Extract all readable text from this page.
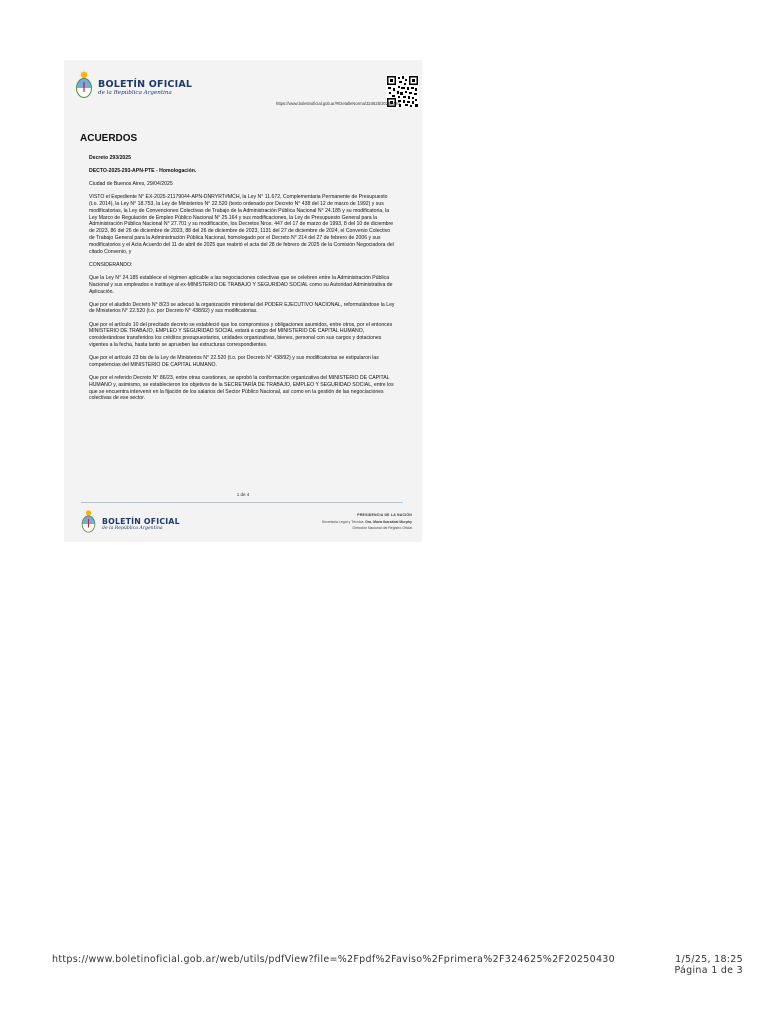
BOLETÍN OFICIAL
de la República Argentina
https://www.boletinoficial.gob.ar/#!DetalleNorma/324625/20250430
ACUERDOS

Decreto 293/2025

DECTO-2025-293-APN-PTE - Homologación.

Ciudad de Buenos Aires, 29/04/2025

VISTO el Expediente N° EX-2025-21179044-APN-DNRYRT#MCH, la Ley N° 11.672, Complementaria Permanente de Presupuesto (t.o. 2014), la Ley N° 18.753, la Ley de Ministerios N° 22.520 (texto ordenado por Decreto N° 438 del 12 de marzo de 1992) y sus modificatorias, la Ley de Convenciones Colectivas de Trabajo de la Administración Pública Nacional N° 24.185 y su modificatoria, la Ley Marco de Regulación de Empleo Público Nacional N° 25.164 y sus modificaciones, la Ley de Presupuesto General para la Administración Pública Nacional N° 27.701 y su modificación, los Decretos Nros. 447 del 17 de marzo de 1993, 8 del 10 de diciembre de 2023, 86 del 26 de diciembre de 2023, 88 del 26 de diciembre de 2023, 1131 del 27 de diciembre de 2024, el Convenio Colectivo de Trabajo General para la Administración Pública Nacional, homologado por el Decreto N° 214 del 27 de febrero de 2006 y sus modificatorios y el Acta Acuerdo del 11 de abril de 2025 que reabrió el acta del 28 de febrero de 2025 de la Comisión Negociadora del citado Convenio, y

CONSIDERANDO:

Que la Ley N° 24.185 establece el régimen aplicable a las negociaciones colectivas que se celebren entre la Administración Pública Nacional y sus empleados e instituye al ex-MINISTERIO DE TRABAJO Y SEGURIDAD SOCIAL como su Autoridad Administrativa de Aplicación.

Que por el aludido Decreto N° 8/23 se adecuó la organización ministerial del PODER EJECUTIVO NACIONAL, reformulándose la Ley de Ministerios N° 22.520 (t.o. por Decreto N° 438/92) y sus modificatorias.

Que por el artículo 10 del precitado decreto se estableció que los compromisos y obligaciones asumidos, entre otros, por el entonces MINISTERIO DE TRABAJO, EMPLEO Y SEGURIDAD SOCIAL estará a cargo del MINISTERIO DE CAPITAL HUMANO, considerándose transferidos los créditos presupuestarios, unidades organizativas, bienes, personal con sus cargos y dotaciones vigentes a la fecha, hasta tanto se aprueben las estructuras correspondientes.

Que por el artículo 23 bis de la Ley de Ministerios N° 22.520 (t.o. por Decreto N° 438/92) y sus modificatorias se estipularon las competencias del MINISTERIO DE CAPITAL HUMANO.

Que por el referido Decreto N° 86/23, entre otras cuestiones, se aprobó la conformación organizativa del MINISTERIO DE CAPITAL HUMANO y, asimismo, se establecieron los objetivos de la SECRETARÍA DE TRABAJO, EMPLEO Y SEGURIDAD SOCIAL, entre los que se encuentra intervenir en la fijación de los salarios del Sector Público Nacional, así como en la gestión de las negociaciones colectivas de ese sector.

1 de 4
BOLETÍN OFICIAL
de la República Argentina
PRESIDENCIA DE LA NACIÓN
Secretaría Legal y Técnica: Dra. María Ibarzábal Murphy
Dirección Nacional del Registro Oficial
https://www.boletinoficial.gob.ar/web/utils/pdfView?file=%2Fpdf%2Faviso%2Fprimera%2F324625%2F20250430	1/5/25, 18:25
Página 1 de 3
